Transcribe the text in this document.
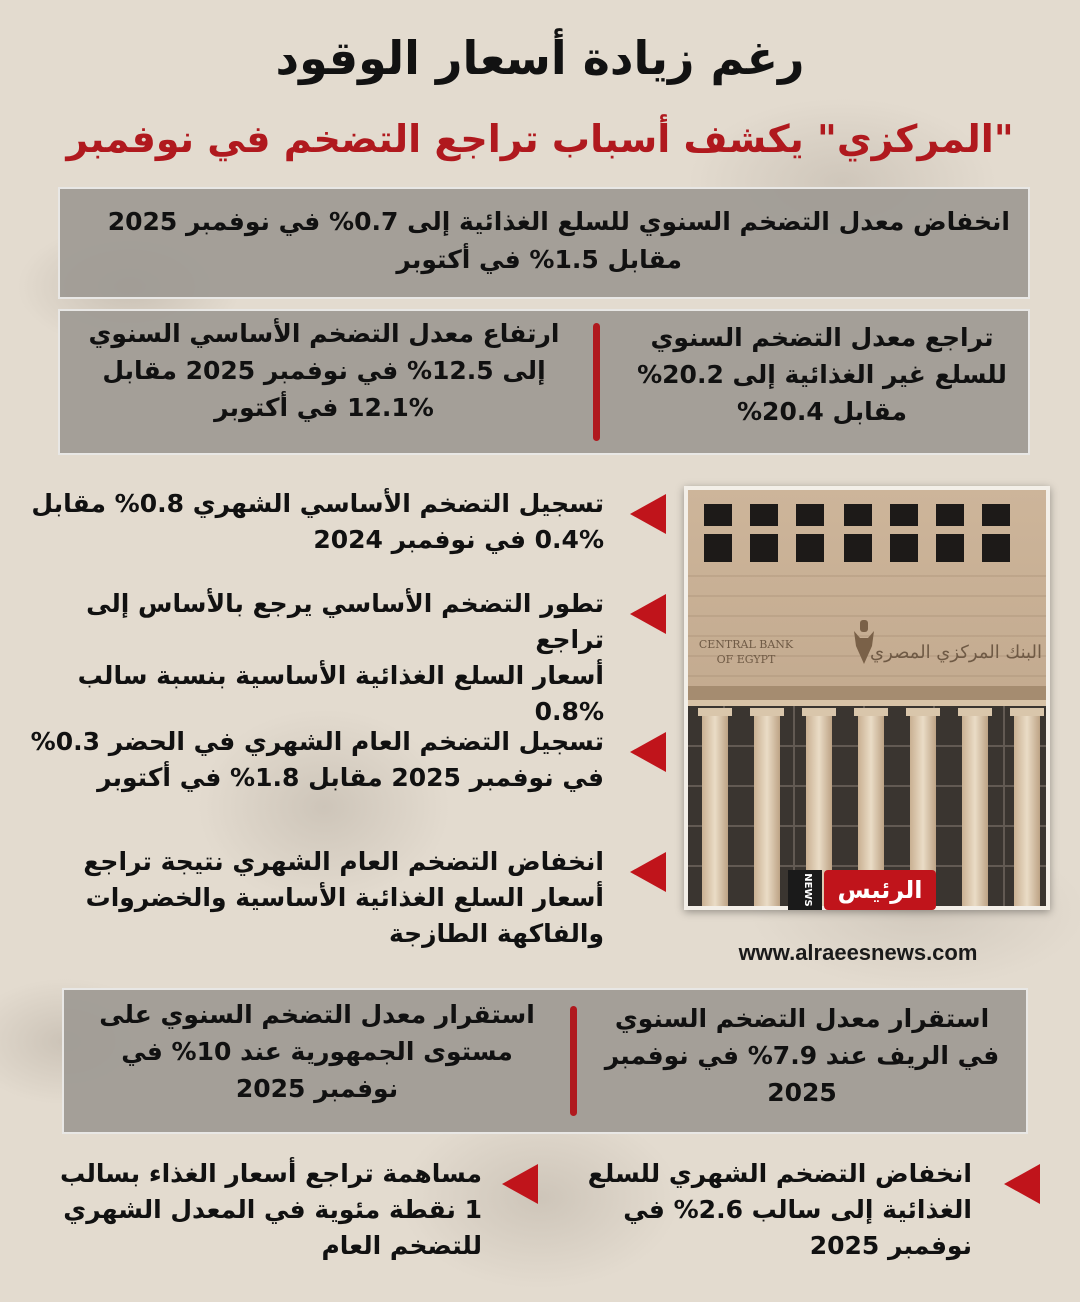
رغم زيادة أسعار الوقود
"المركزي" يكشف أسباب تراجع التضخم في نوفمبر
انخفاض معدل التضخم السنوي للسلع الغذائية إلى 0.7% في نوفمبر 2025
مقابل 1.5% في أكتوبر
تراجع معدل التضخم السنوي
للسلع غير الغذائية إلى 20.2%
مقابل 20.4%
ارتفاع معدل التضخم الأساسي السنوي
إلى 12.5% في نوفمبر 2025 مقابل
12.1% في أكتوبر
تسجيل التضخم الأساسي الشهري 0.8% مقابل
0.4% في نوفمبر 2024
تطور التضخم الأساسي يرجع بالأساس إلى تراجع
أسعار السلع الغذائية الأساسية بنسبة سالب
0.8%
تسجيل التضخم العام الشهري في الحضر 0.3%
في نوفمبر 2025 مقابل 1.8% في أكتوبر
انخفاض التضخم العام الشهري نتيجة تراجع
أسعار السلع الغذائية الأساسية والخضروات
والفاكهة الطازجة
CENTRAL BANK
OF EGYPT	البنك المركزي المصري
الرئيس
NEWS
www.alraeesnews.com
استقرار معدل التضخم السنوي
في الريف عند 7.9% في نوفمبر
2025
استقرار معدل التضخم السنوي على
مستوى الجمهورية عند 10% في
نوفمبر 2025
انخفاض التضخم الشهري للسلع
الغذائية إلى سالب 2.6% في
نوفمبر 2025
مساهمة تراجع أسعار الغذاء بسالب
1 نقطة مئوية في المعدل الشهري
للتضخم العام
